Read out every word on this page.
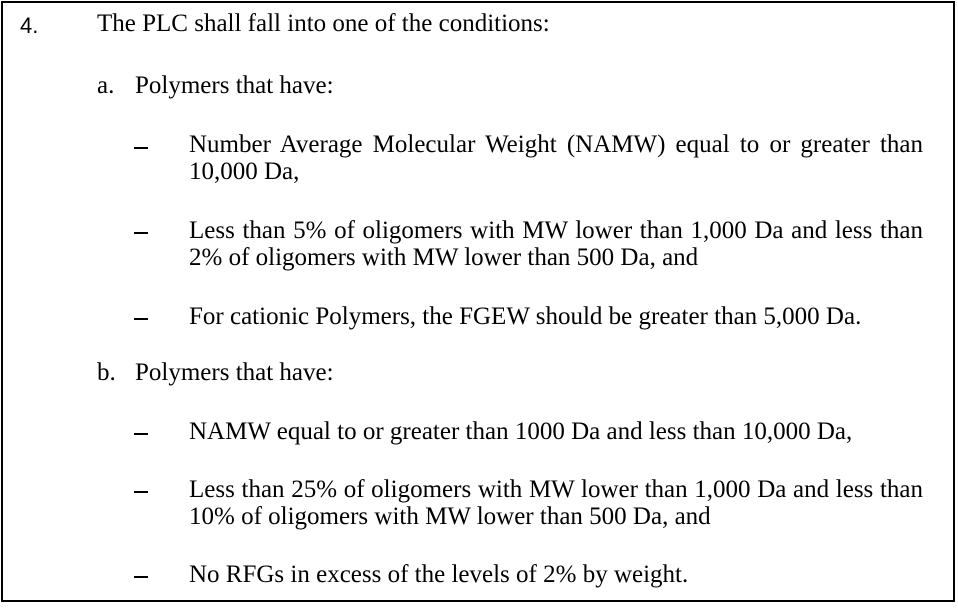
4. The PLC shall fall into one of the conditions:
a. Polymers that have:
Number Average Molecular Weight (NAMW) equal to or greater than 10,000 Da,
Less than 5% of oligomers with MW lower than 1,000 Da and less than 2% of oligomers with MW lower than 500 Da, and
For cationic Polymers, the FGEW should be greater than 5,000 Da.
b. Polymers that have:
NAMW equal to or greater than 1000 Da and less than 10,000 Da,
Less than 25% of oligomers with MW lower than 1,000 Da and less than 10% of oligomers with MW lower than 500 Da, and
No RFGs in excess of the levels of 2% by weight.
